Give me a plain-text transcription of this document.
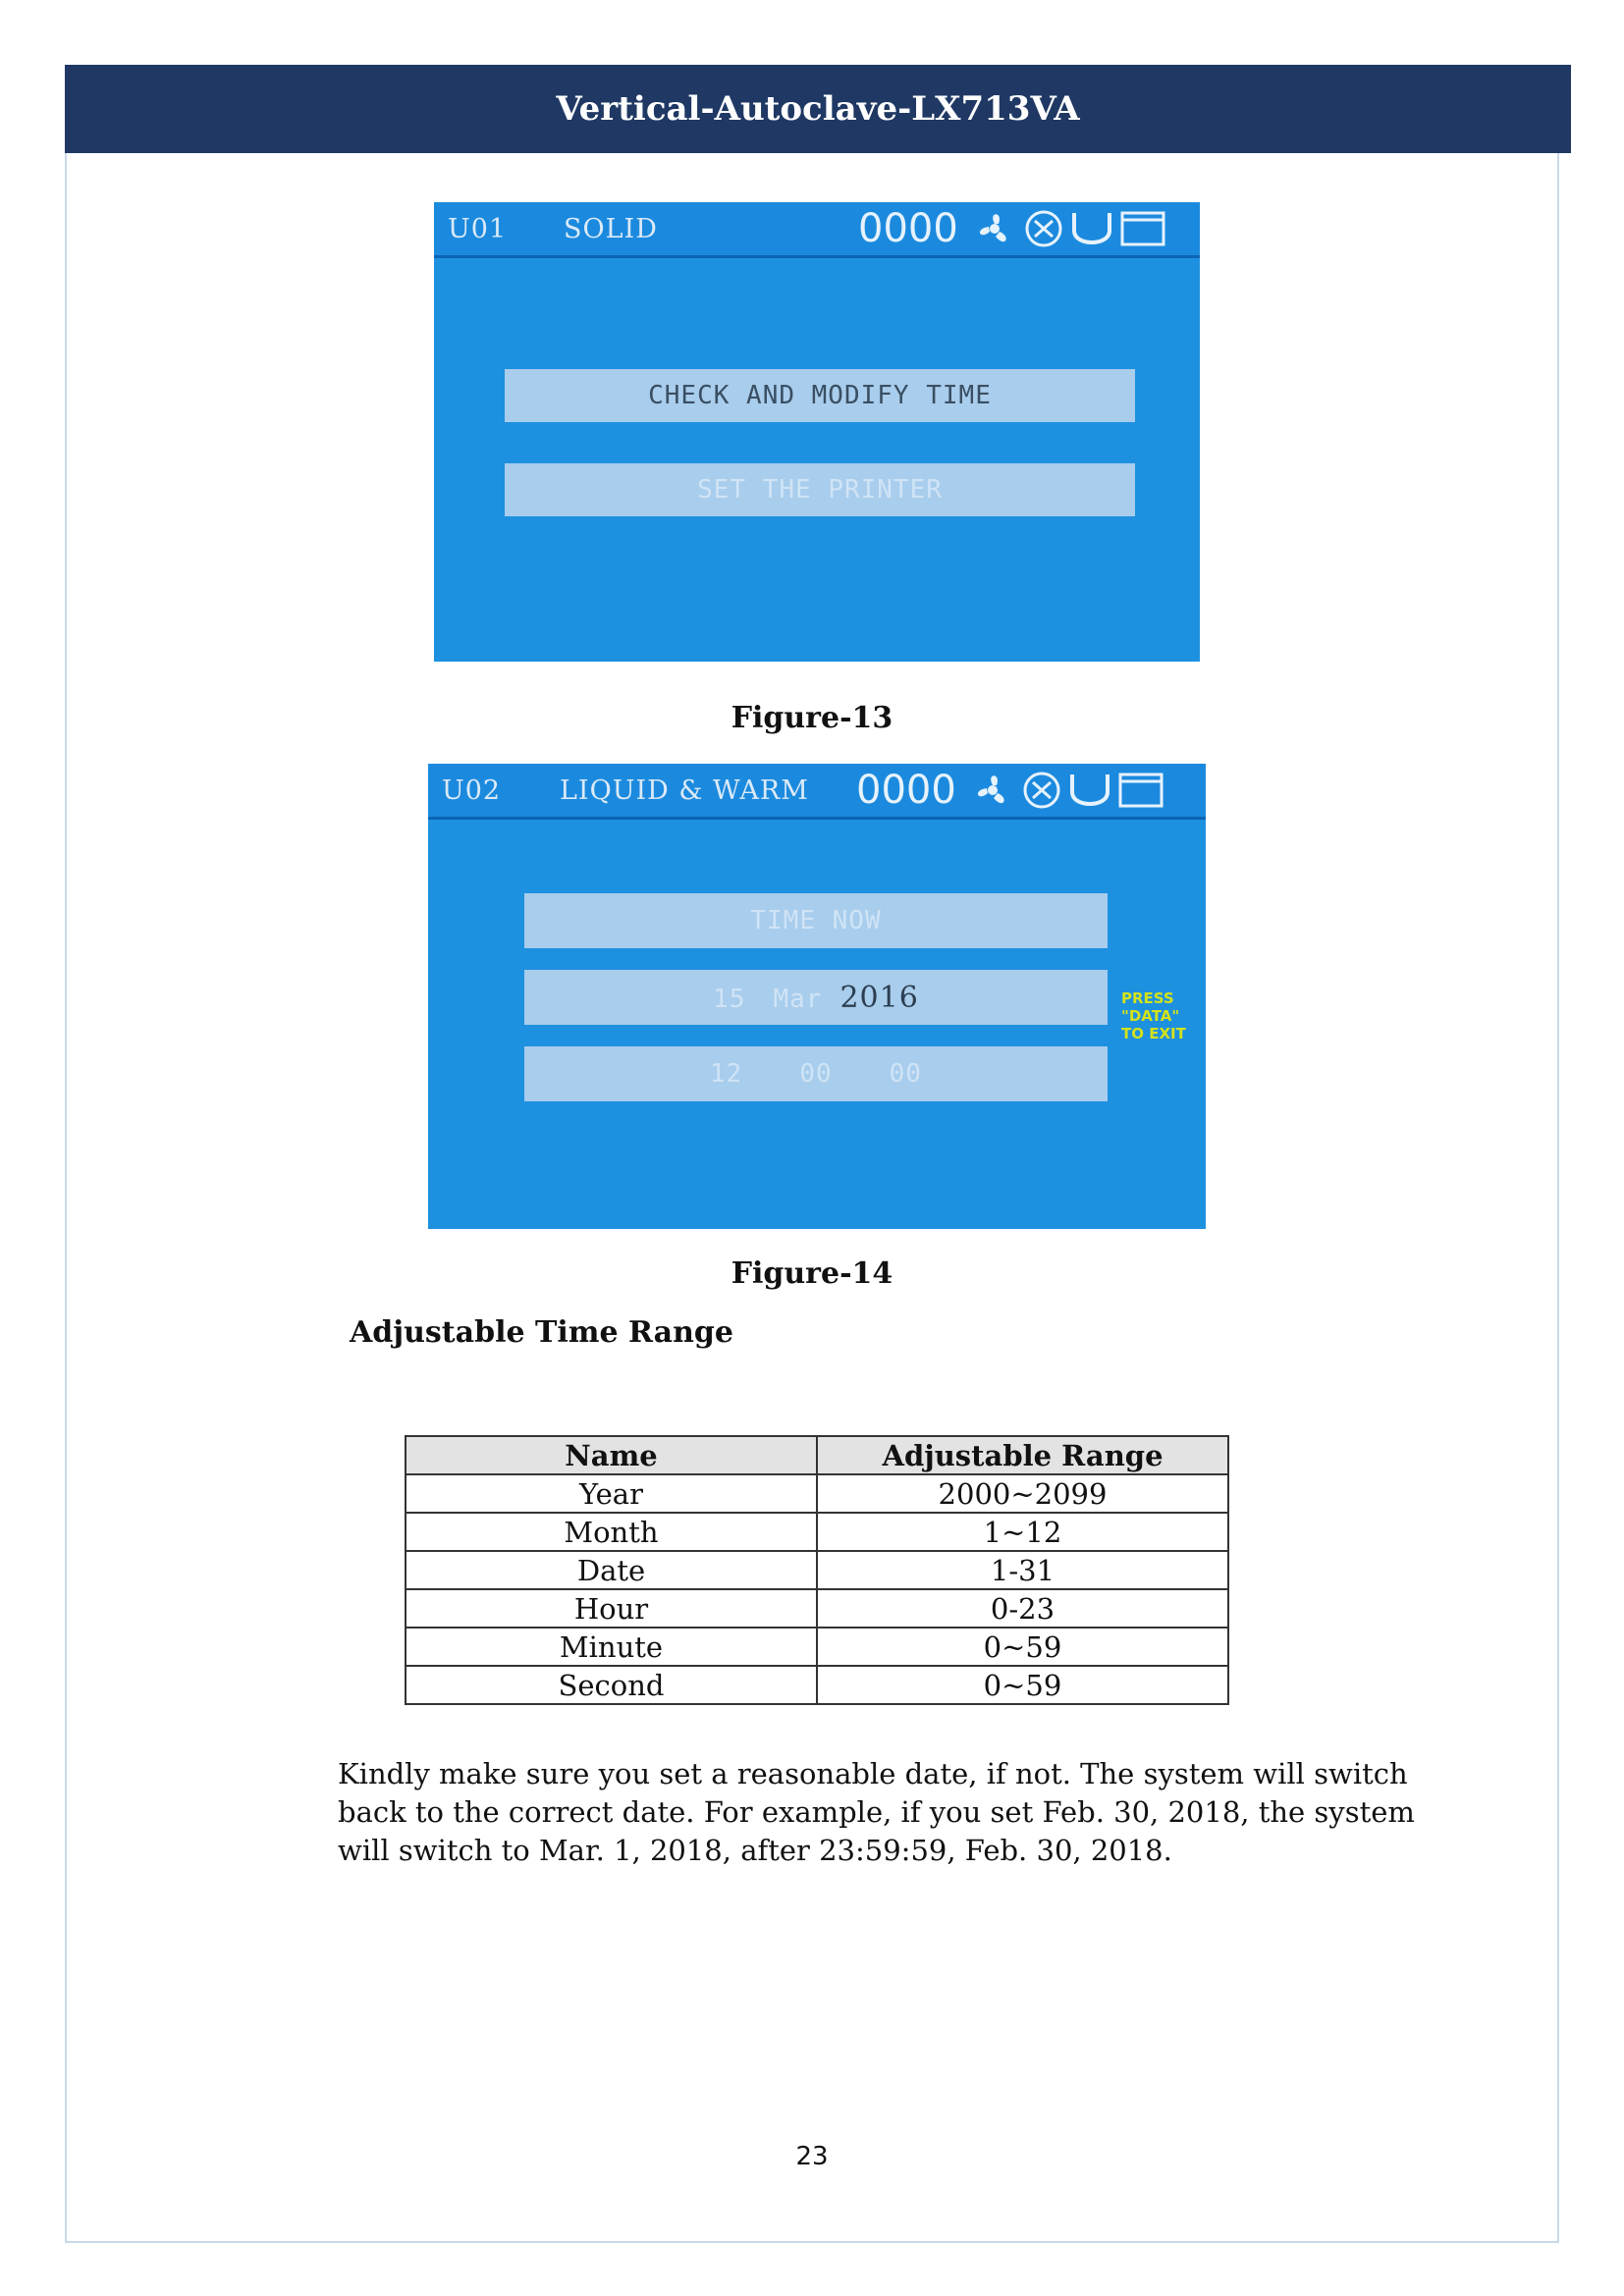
Vertical-Autoclave-LX713VA
U01 SOLID	0000
CHECK AND MODIFY TIME
SET THE PRINTER
Figure-13
U02 LIQUID & WARM 0000
TIME NOW
15 Mar 2016
12 00 00
PRESS "DATA" TO EXIT
Figure-14
Adjustable Time Range
Name	Adjustable Range
Year	2000~2099
Month	1~12
Date	1-31
Hour	0-23
Minute	0~59
Second	0~59
Kindly make sure you set a reasonable date, if not. The system will switch back to the correct date. For example, if you set Feb. 30, 2018, the system will switch to Mar. 1, 2018, after 23:59:59, Feb. 30, 2018.
23
